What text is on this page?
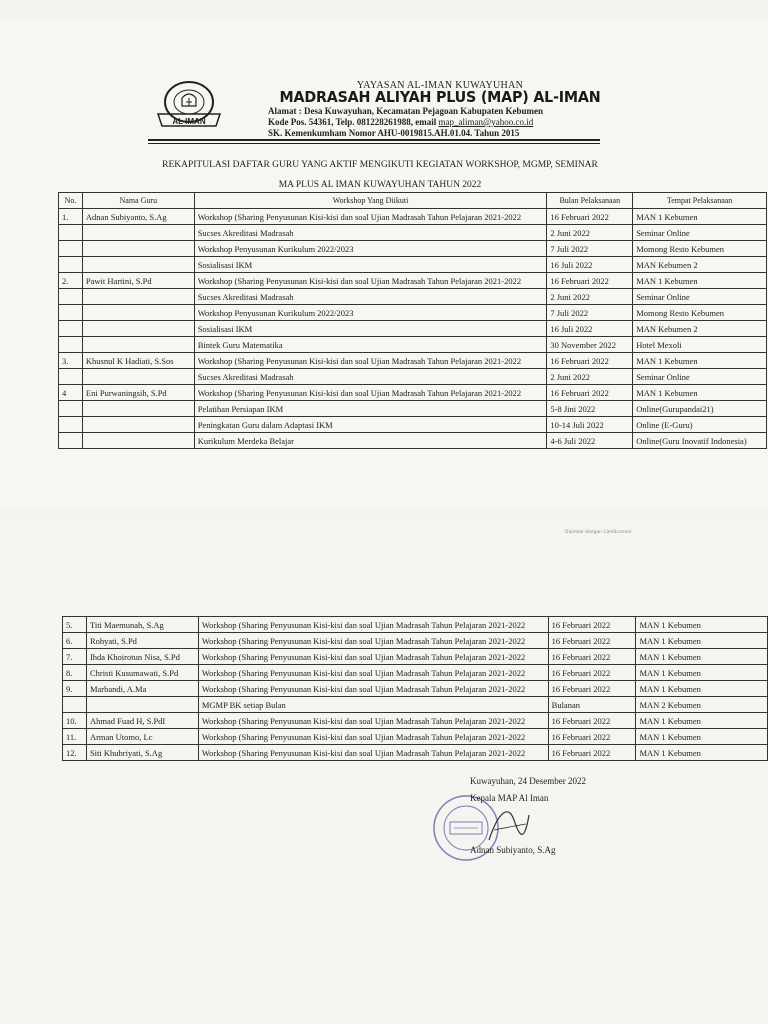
AL IMAN
YAYASAN AL-IMAN KUWAYUHAN
MADRASAH ALIYAH PLUS (MAP) AL-IMAN
Alamat : Desa Kuwayuhan, Kecamatan Pejagoan Kabupaten Kebumen
Kode Pos. 54361, Telp. 081228261988, email map_aliman@yahoo.co.id
SK. Kemenkumham Nomor AHU-0019815.AH.01.04. Tahun 2015
REKAPITULASI DAFTAR GURU YANG AKTIF MENGIKUTI KEGIATAN WORKSHOP, MGMP, SEMINAR
MA PLUS AL IMAN KUWAYUHAN TAHUN 2022
No.	Nama Guru	Workshop Yang Diikuti	Bulan Pelaksanaan	Tempat Pelaksanaan
1.	Adnan Subiyanto, S.Ag	Workshop (Sharing Penyusunan Kisi-kisi dan soal Ujian Madrasah Tahun Pelajaran 2021-2022	16 Februari 2022	MAN 1 Kebumen
		Sucses Akreditasi Madrasah	2 Juni 2022	Seminar Online
		Workshop Penyusunan Kurikulum 2022/2023	7 Juli 2022	Momong Resto Kebumen
		Sosialisasi IKM	16 Juli 2022	MAN Kebumen 2
2.	Pawit Hartini, S.Pd	Workshop (Sharing Penyusunan Kisi-kisi dan soal Ujian Madrasah Tahun Pelajaran 2021-2022	16 Februari 2022	MAN 1 Kebumen
		Sucses Akreditasi Madrasah	2 Juni 2022	Seminar Online
		Workshop Penyusunan Kurikulum 2022/2023	7 Juli 2022	Momong Resto Kebumen
		Sosialisasi IKM	16 Juli 2022	MAN Kebumen 2
		Bintek Guru Matematika	30 November 2022	Hotel Mexoli
3.	Khusnul K Hadiati, S.Sos	Workshop (Sharing Penyusunan Kisi-kisi dan soal Ujian Madrasah Tahun Pelajaran 2021-2022	16 Februari 2022	MAN 1 Kebumen
		Sucses Akreditasi Madrasah	2 Juni 2022	Seminar Online
4	Eni Purwaningsih, S.Pd	Workshop (Sharing Penyusunan Kisi-kisi dan soal Ujian Madrasah Tahun Pelajaran 2021-2022	16 Februari 2022	MAN 1 Kebumen
		Pelatihan Persiapan IKM	5-8 Jini 2022	Online(Gurupandai21)
		Peningkatan Guru dalam Adaptasi IKM	10-14 Juli 2022	Online (E-Guru)
		Kurikulum Merdeka Belajar	4-6 Juli 2022	Online(Guru Inovatif Indonesia)
Dipindai dengan CamScanner
5.	Titi Maemunah, S.Ag	Workshop (Sharing Penyusunan Kisi-kisi dan soal Ujian Madrasah Tahun Pelajaran 2021-2022	16 Februari 2022	MAN 1 Kebumen
6.	Rohyati, S.Pd	Workshop (Sharing Penyusunan Kisi-kisi dan soal Ujian Madrasah Tahun Pelajaran 2021-2022	16 Februari 2022	MAN 1 Kebumen
7.	Ihda Khoirotun Nisa, S.Pd	Workshop (Sharing Penyusunan Kisi-kisi dan soal Ujian Madrasah Tahun Pelajaran 2021-2022	16 Februari 2022	MAN 1 Kebumen
8.	Christi Kusumawati, S.Pd	Workshop (Sharing Penyusunan Kisi-kisi dan soal Ujian Madrasah Tahun Pelajaran 2021-2022	16 Februari 2022	MAN 1 Kebumen
9.	Marbandi, A.Ma	Workshop (Sharing Penyusunan Kisi-kisi dan soal Ujian Madrasah Tahun Pelajaran 2021-2022	16 Februari 2022	MAN 1 Kebumen
		MGMP BK setiap Bulan	Bulanan	MAN 2 Kebumen
10.	Ahmad Fuad H, S.PdI	Workshop (Sharing Penyusunan Kisi-kisi dan soal Ujian Madrasah Tahun Pelajaran 2021-2022	16 Februari 2022	MAN 1 Kebumen
11.	Arman Utomo, Lc	Workshop (Sharing Penyusunan Kisi-kisi dan soal Ujian Madrasah Tahun Pelajaran 2021-2022	16 Februari 2022	MAN 1 Kebumen
12.	Siti Khubriyati, S.Ag	Workshop (Sharing Penyusunan Kisi-kisi dan soal Ujian Madrasah Tahun Pelajaran 2021-2022	16 Februari 2022	MAN 1 Kebumen
Kuwayuhan, 24 Desember 2022
Kepala MAP Al Iman
Adnan Subiyanto, S.Ag
